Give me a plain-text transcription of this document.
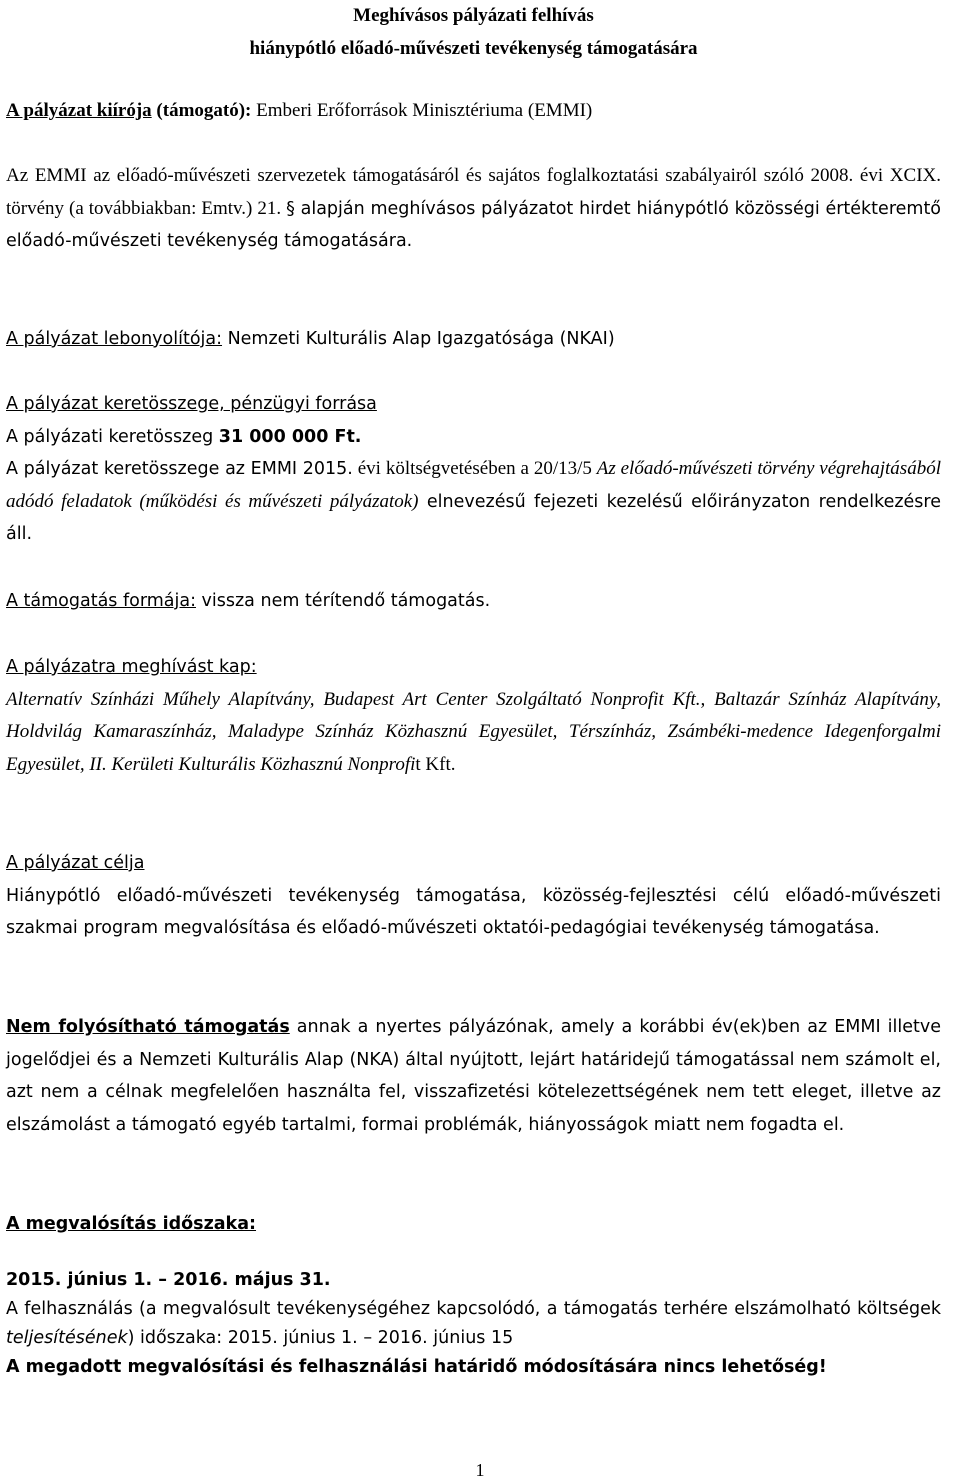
Meghívásos pályázati felhívás
hiánypótló előadó-művészeti tevékenység támogatására
A pályázat kiírója (támogató): Emberi Erőforrások Minisztériuma (EMMI)
Az EMMI az előadó-művészeti szervezetek támogatásáról és sajátos foglalkoztatási szabályairól szóló 2008. évi XCIX. törvény (a továbbiakban: Emtv.) 21. § alapján meghívásos pályázatot hirdet hiánypótló közösségi értékteremtő előadó-művészeti tevékenység támogatására.
A pályázat lebonyolítója: Nemzeti Kulturális Alap Igazgatósága (NKAI)
A pályázat keretösszege, pénzügyi forrása
A pályázati keretösszeg 31 000 000 Ft.
A pályázat keretösszege az EMMI 2015. évi költségvetésében a 20/13/5 Az előadó-művészeti törvény végrehajtásából adódó feladatok (működési és művészeti pályázatok) elnevezésű fejezeti kezelésű előirányzaton rendelkezésre áll.
A támogatás formája: vissza nem térítendő támogatás.
A pályázatra meghívást kap:
Alternatív Színházi Műhely Alapítvány, Budapest Art Center Szolgáltató Nonprofit Kft., Baltazár Színház Alapítvány, Holdvilág Kamaraszínház, Maladype Színház Közhasznú Egyesület, Térszínház, Zsámbéki-medence Idegenforgalmi Egyesület, II. Kerületi Kulturális Közhasznú Nonprofit Kft.
A pályázat célja
Hiánypótló előadó-művészeti tevékenység támogatása, közösség-fejlesztési célú előadó-művészeti szakmai program megvalósítása és előadó-művészeti oktatói-pedagógiai tevékenység támogatása.
Nem folyósítható támogatás annak a nyertes pályázónak, amely a korábbi év(ek)ben az EMMI illetve jogelődjei és a Nemzeti Kulturális Alap (NKA) által nyújtott, lejárt határidejű támogatással nem számolt el, azt nem a célnak megfelelően használta fel, visszafizetési kötelezettségének nem tett eleget, illetve az elszámolást a támogató egyéb tartalmi, formai problémák, hiányosságok miatt nem fogadta el.
A megvalósítás időszaka:
2015. június 1. – 2016. május 31.
A felhasználás (a megvalósult tevékenységéhez kapcsolódó, a támogatás terhére elszámolható költségek teljesítésének) időszaka: 2015. június 1. – 2016. június 15
A megadott megvalósítási és felhasználási határidő módosítására nincs lehetőség!
1
